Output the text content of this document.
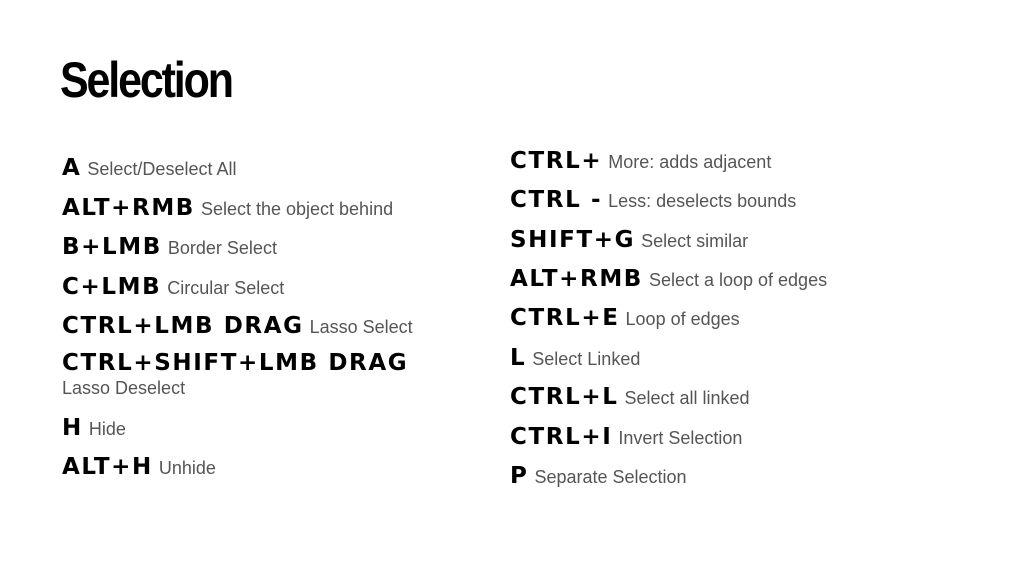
Selection
A Select/Deselect All
ALT+RMB Select the object behind
B+LMB Border Select
C+LMB Circular Select
CTRL+LMB DRAG Lasso Select
CTRL+SHIFT+LMB DRAG
Lasso Deselect
H Hide
ALT+H Unhide
CTRL+ More: adds adjacent
CTRL - Less: deselects bounds
SHIFT+G Select similar
ALT+RMB Select a loop of edges
CTRL+E Loop of edges
L Select Linked
CTRL+L Select all linked
CTRL+I Invert Selection
P Separate Selection
